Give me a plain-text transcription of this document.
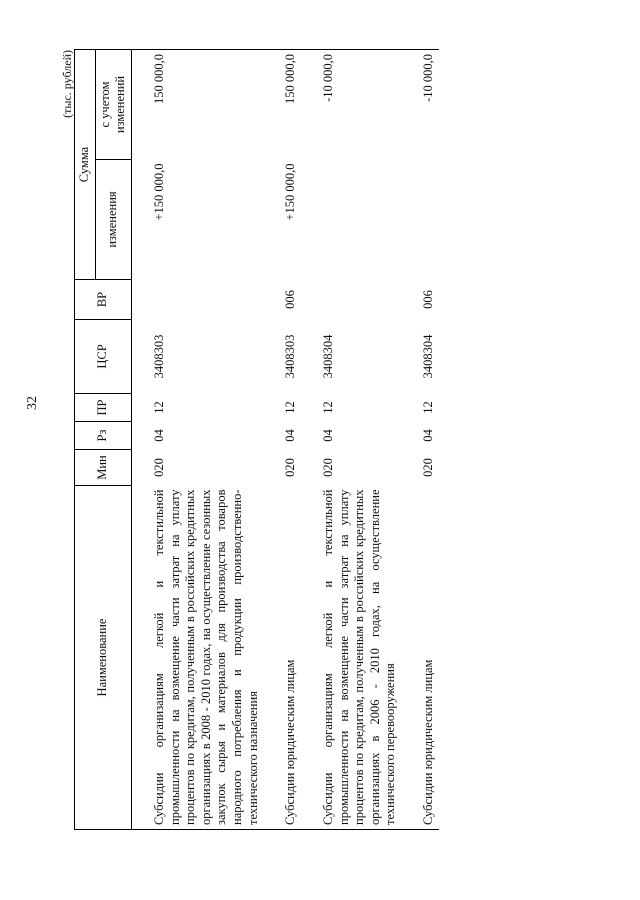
32
(тыс. рублей)
Наименование	Мин	Рз	ПР	ЦСР	ВР	Сумма	
						изменения	с учетом изменений

Субсидии организациям легкой и текстильной промышленности на возмещение части затрат на уплату процентов по кредитам, полученным в российских кредитных организациях в 2008 - 2010 годах, на осуществление сезонных закупок сырья и материалов для производства товаров народного потребления и продукции производственно-технического назначения	020	04	12	3408303		+150 000,0	150 000,0

Субсидии юридическим лицам	020	04	12	3408303	006	+150 000,0	150 000,0

Субсидии организациям легкой и текстильной промышленности на возмещение части затрат на уплату процентов по кредитам, полученным в российских кредитных организациях в 2006 - 2010 годах, на осуществление технического перевооружения	020	04	12	3408304			-10 000,0

Субсидии юридическим лицам	020	04	12	3408304	006		-10 000,0
